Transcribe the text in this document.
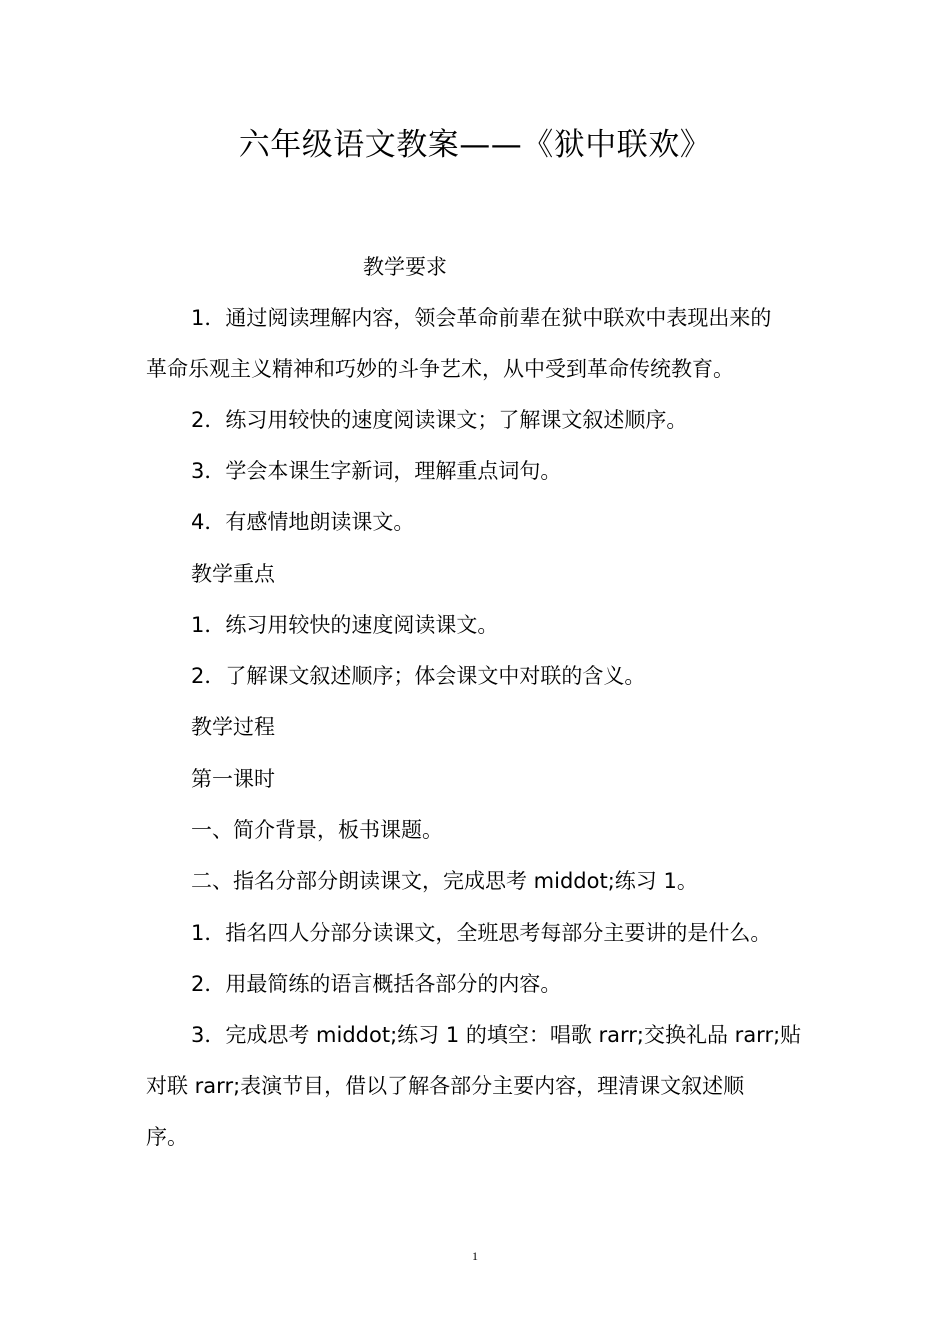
六年级语文教案——《狱中联欢》
教学要求
1．通过阅读理解内容，领会革命前辈在狱中联欢中表现出来的
革命乐观主义精神和巧妙的斗争艺术，从中受到革命传统教育。
2．练习用较快的速度阅读课文；了解课文叙述顺序。
3．学会本课生字新词，理解重点词句。
4．有感情地朗读课文。
教学重点
1．练习用较快的速度阅读课文。
2．了解课文叙述顺序；体会课文中对联的含义。
教学过程
第一课时
一、简介背景，板书课题。
二、指名分部分朗读课文，完成思考 middot;练习 1。
1．指名四人分部分读课文，全班思考每部分主要讲的是什么。
2．用最简练的语言概括各部分的内容。
3．完成思考 middot;练习 1 的填空：唱歌 rarr;交换礼品 rarr;贴
对联 rarr;表演节目，借以了解各部分主要内容，理清课文叙述顺
序。
1
